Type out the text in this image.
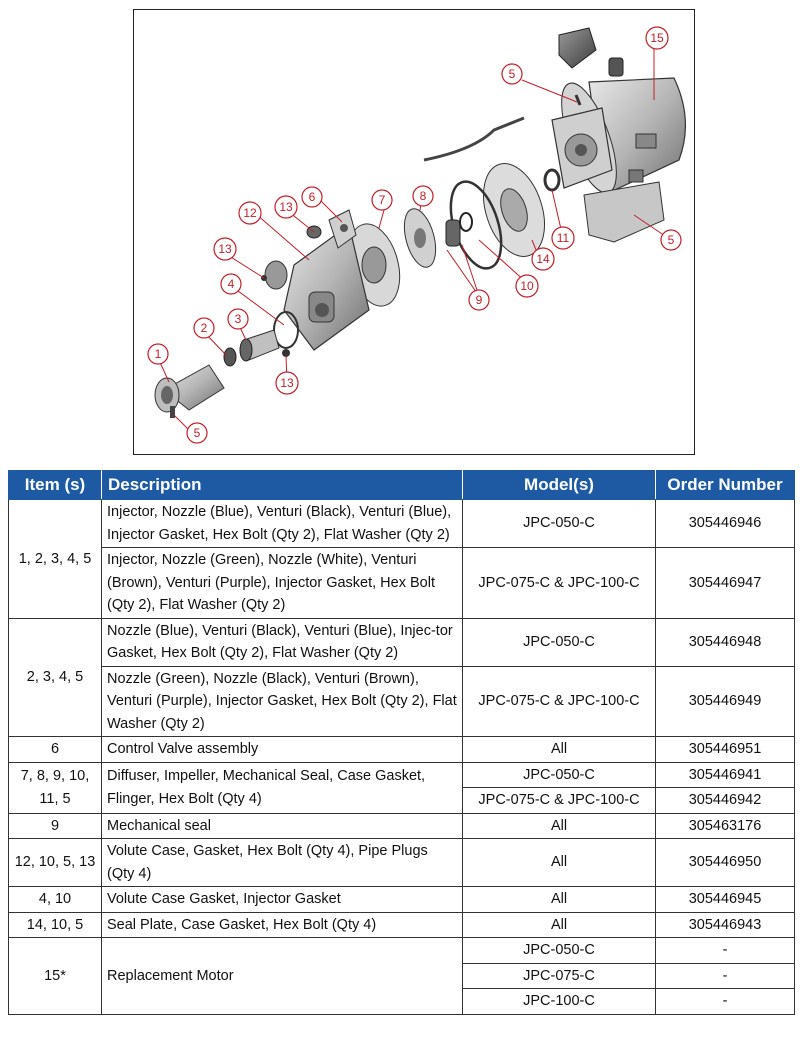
1
2
3
4
5
5
5
6	7	8
9
10
11
12 13
13
13
14
15
Item (s)	Description	Model(s)	Order Number
1, 2, 3, 4, 5	Injector, Nozzle (Blue), Venturi (Black), Venturi (Blue), Injector Gasket, Hex Bolt (Qty 2), Flat Washer (Qty 2)	JPC-050-C	305446946
	Injector, Nozzle (Green), Nozzle (White), Venturi (Brown), Venturi (Purple), Injector Gasket, Hex Bolt (Qty 2), Flat Washer (Qty 2)	JPC-075-C & JPC-100-C	305446947
2, 3, 4, 5	Nozzle (Blue), Venturi (Black), Venturi (Blue), Injec-tor Gasket, Hex Bolt (Qty 2), Flat Washer (Qty 2)	JPC-050-C	305446948
	Nozzle (Green), Nozzle (Black), Venturi (Brown), Venturi (Purple), Injector Gasket, Hex Bolt (Qty 2), Flat Washer (Qty 2)	JPC-075-C & JPC-100-C	305446949
6	Control Valve assembly	All	305446951
7, 8, 9, 10, 11, 5	Diffuser, Impeller, Mechanical Seal, Case Gasket, Flinger, Hex Bolt (Qty 4)	JPC-050-C	305446941
		JPC-075-C & JPC-100-C	305446942
9	Mechanical seal	All	305463176
12, 10, 5, 13	Volute Case, Gasket, Hex Bolt (Qty 4), Pipe Plugs (Qty 4)	All	305446950
4, 10	Volute Case Gasket, Injector Gasket	All	305446945
14, 10, 5	Seal Plate, Case Gasket, Hex Bolt (Qty 4)	All	305446943
15*	Replacement Motor	JPC-050-C	-
		JPC-075-C	-
		JPC-100-C	-
